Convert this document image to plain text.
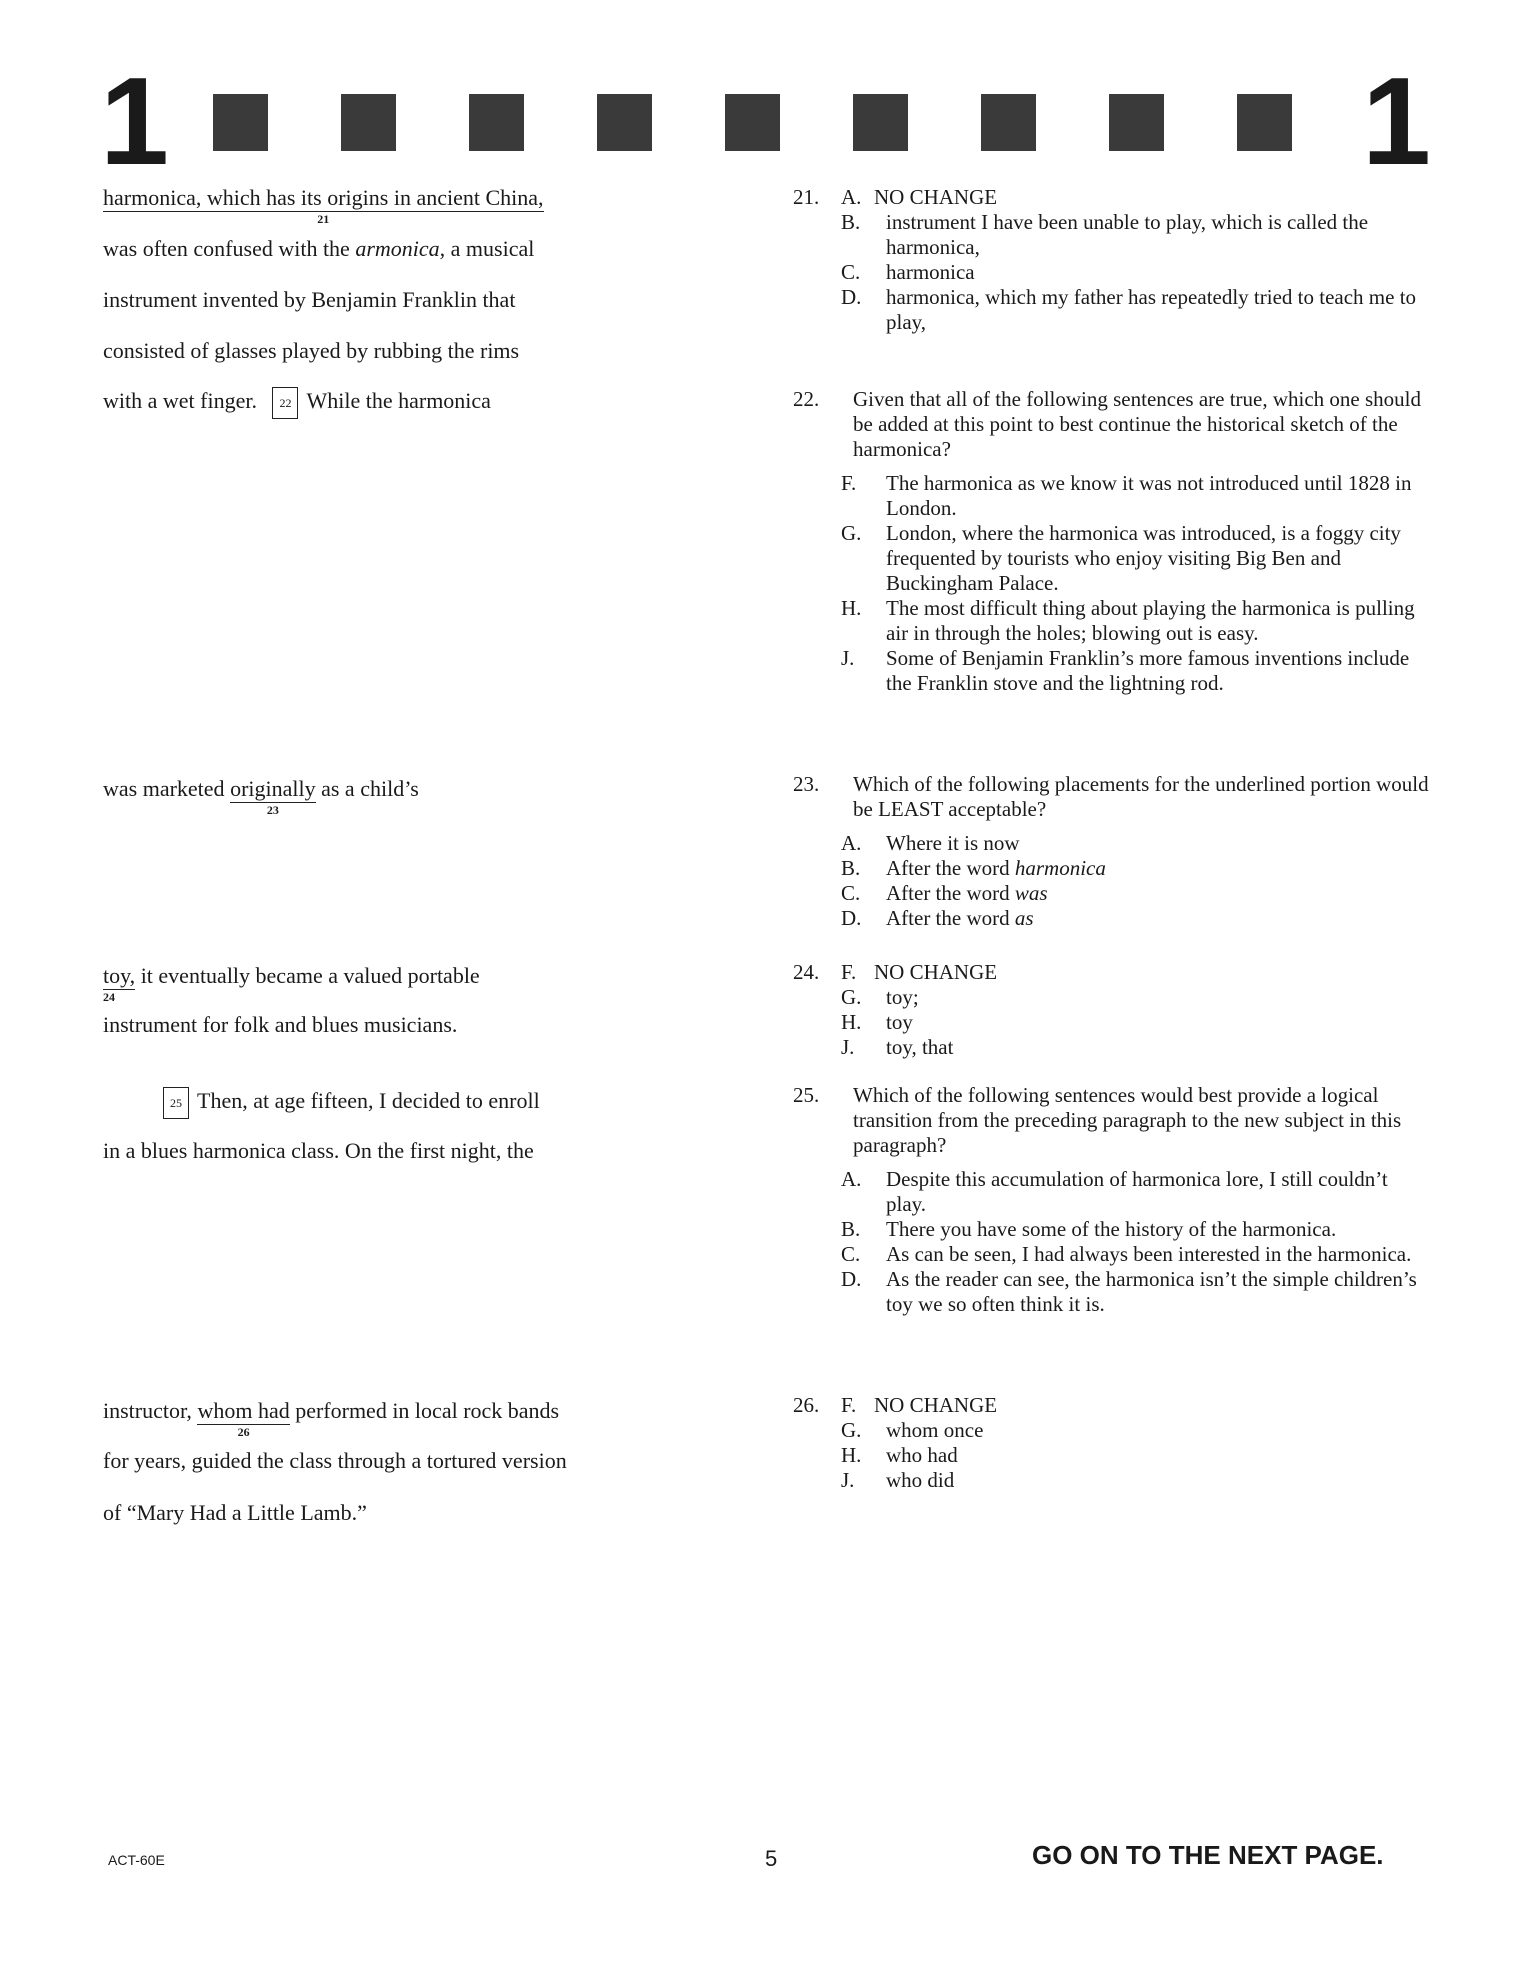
1	1
harmonica, which has its origins in ancient China,
21
was often confused with the armonica, a musical
instrument invented by Benjamin Franklin that
consisted of glasses played by rubbing the rims
with a wet finger. 22 While the harmonica
was marketed originally
23
as a child’s
toy,
24
it eventually became a valued portable
instrument for folk and blues musicians.
25 Then, at age fifteen, I decided to enroll
in a blues harmonica class. On the first night, the
instructor, whom had
26
performed in local rock bands
for years, guided the class through a tortured version
of “Mary Had a Little Lamb.”
21. A. NO CHANGE
B.	instrument I have been unable to play, which is called the harmonica,
C.	harmonica
D.	harmonica, which my father has repeatedly tried to teach me to play,
22. Given that all of the following sentences are true, which one should be added at this point to best continue the historical sketch of the harmonica?
F.	The harmonica as we know it was not introduced until 1828 in London.
G.	London, where the harmonica was introduced, is a foggy city frequented by tourists who enjoy visiting Big Ben and Buckingham Palace.
H.	The most difficult thing about playing the harmonica is pulling air in through the holes; blowing out is easy.
J.	Some of Benjamin Franklin’s more famous inventions include the Franklin stove and the lightning rod.
23. Which of the following placements for the underlined portion would be LEAST acceptable?
A.	Where it is now
B.	After the word harmonica
C.	After the word was
D.	After the word as
24. F. NO CHANGE
G.	toy;
H.	toy
J.	toy, that
25. Which of the following sentences would best provide a logical transition from the preceding paragraph to the new subject in this paragraph?
A.	Despite this accumulation of harmonica lore, I still couldn’t play.
B.	There you have some of the history of the harmonica.
C.	As can be seen, I had always been interested in the harmonica.
D.	As the reader can see, the harmonica isn’t the simple children’s toy we so often think it is.
26. F. NO CHANGE
G.	whom once
H.	who had
J.	who did
ACT-60E	5	GO ON TO THE NEXT PAGE.
